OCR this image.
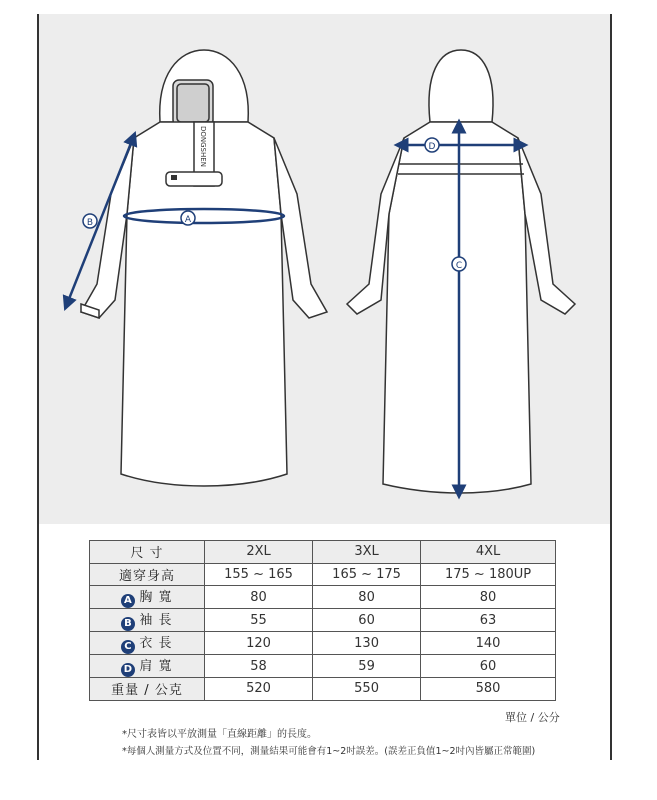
DONGSHEN
A
B
D
C
尺 寸	2XL	3XL	4XL
適穿身高	155 ~ 165	165 ~ 175	175 ~ 180UP
A 胸 寬	80	80	80
B 袖 長	55	60	63
C 衣 長	120	130	140
D 肩 寬	58	59	60
重量 / 公克	520	550	580
單位 / 公分
*尺寸表皆以平放測量「直線距離」的長度。
*每個人測量方式及位置不同，測量結果可能會有1~2吋誤差。(誤差正負值1~2吋內皆屬正常範圍)
